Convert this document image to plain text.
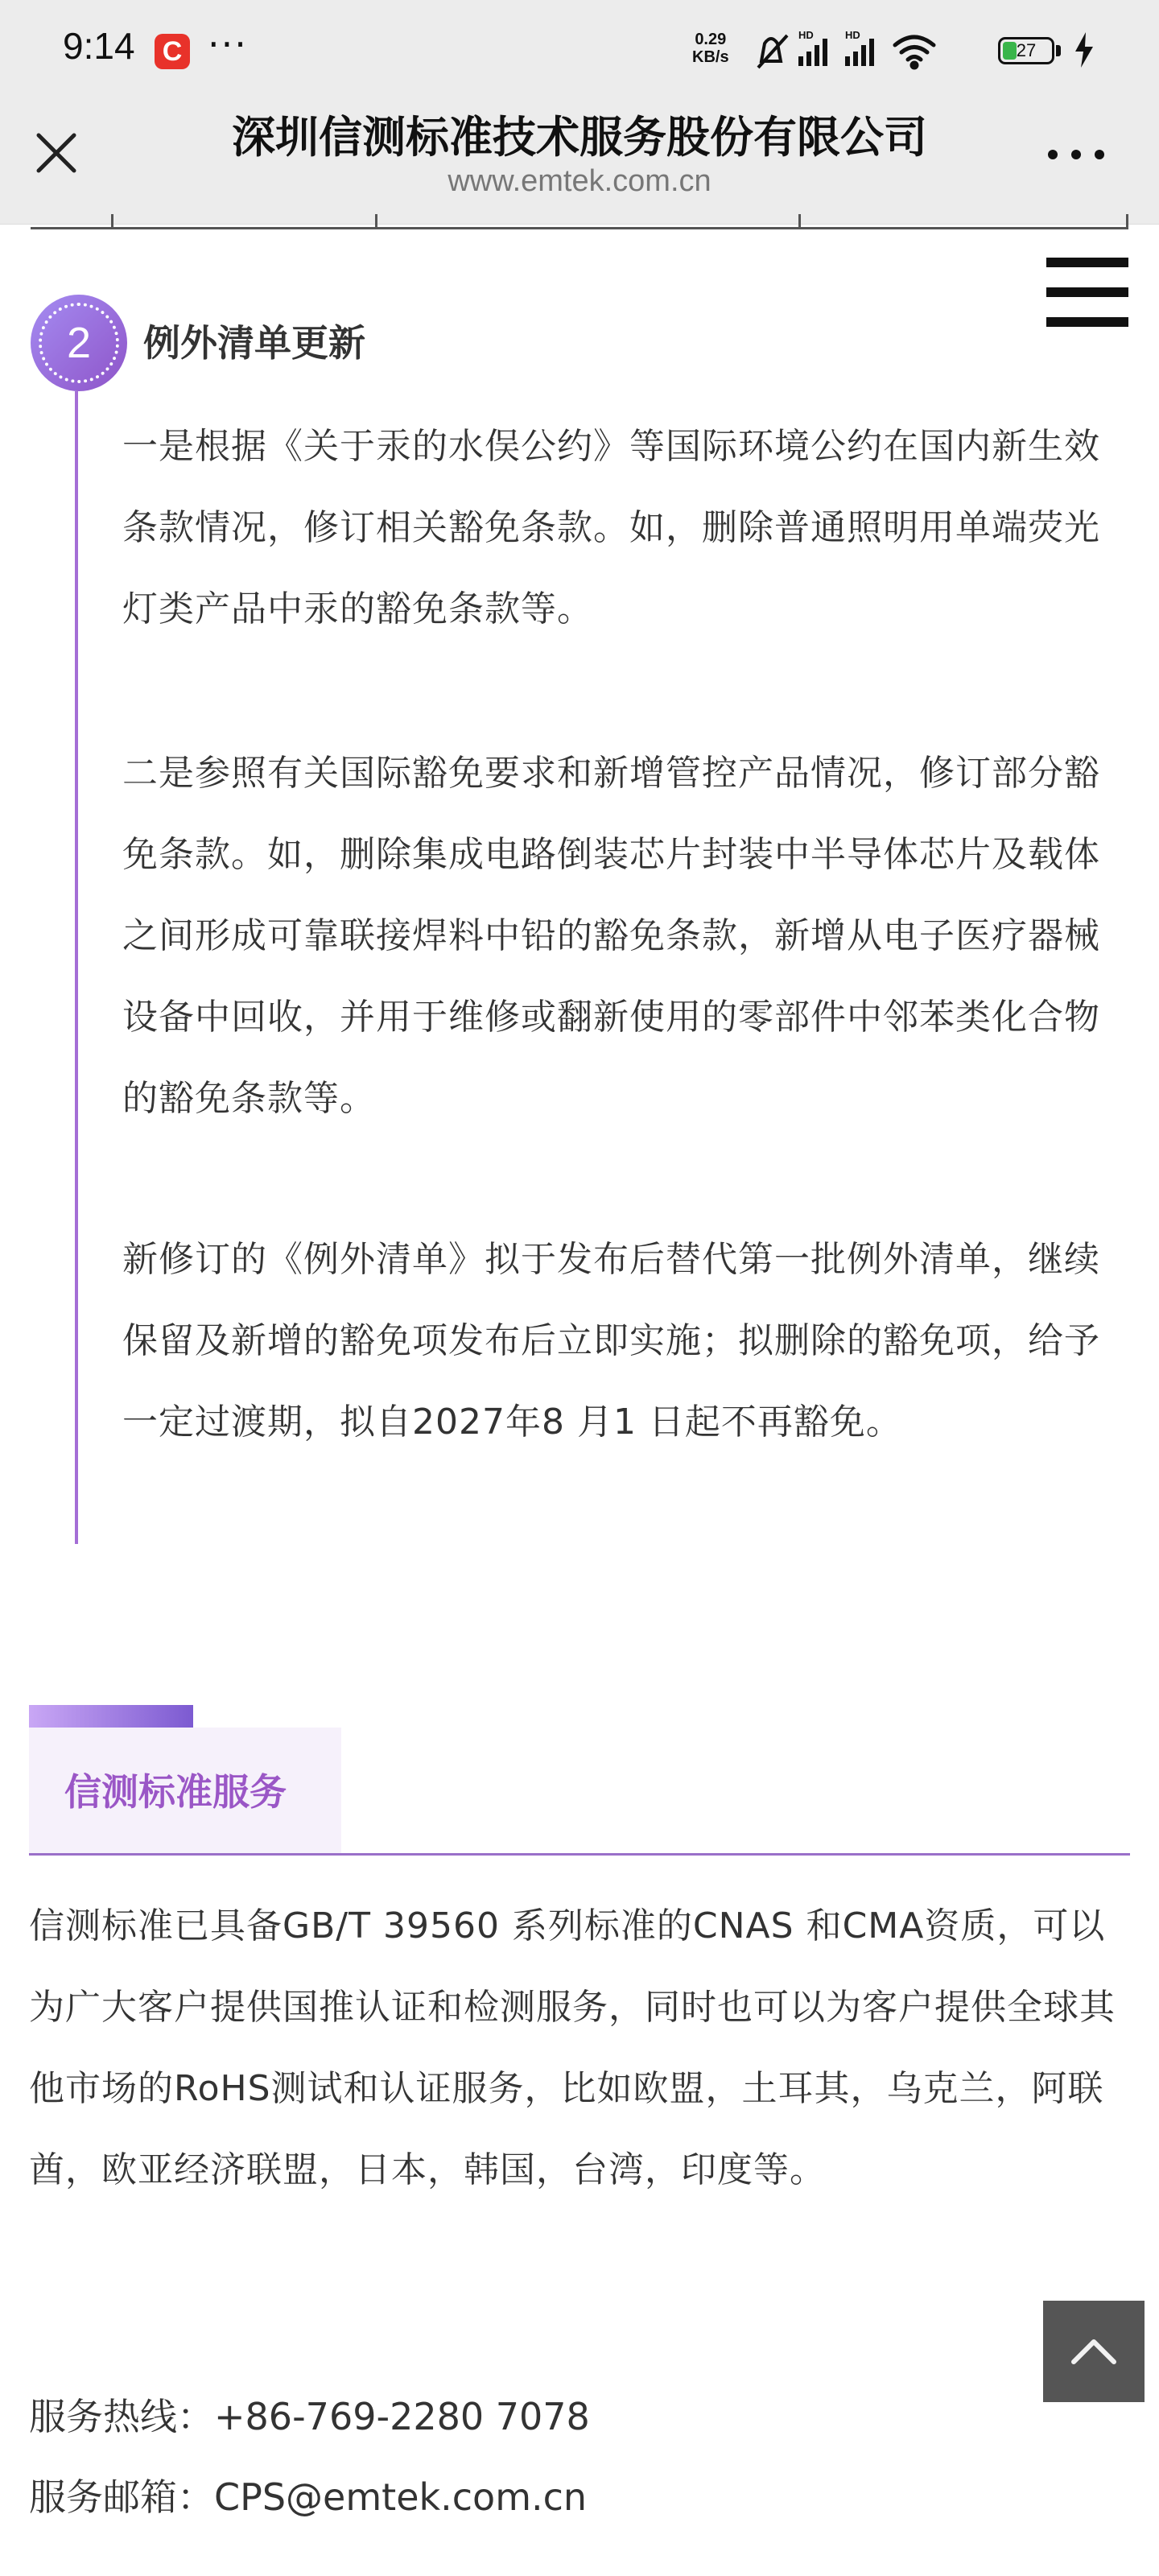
9:14 C ···	0.29
KB/s
HD	HD
27
深圳信测标准技术服务股份有限公司
www.emtek.com.cn
2	例外清单更新
一是根据《关于汞的水俣公约》等国际环境公约在国内新生效条款情况，修订相关豁免条款。如，删除普通照明用单端荧光灯类产品中汞的豁免条款等。
二是参照有关国际豁免要求和新增管控产品情况，修订部分豁免条款。如，删除集成电路倒装芯片封装中半导体芯片及载体之间形成可靠联接焊料中铅的豁免条款，新增从电子医疗器械设备中回收，并用于维修或翻新使用的零部件中邻苯类化合物的豁免条款等。
新修订的《例外清单》拟于发布后替代第一批例外清单，继续保留及新增的豁免项发布后立即实施；拟删除的豁免项，给予一定过渡期，拟自2027年8 月1 日起不再豁免。
信测标准服务
信测标准已具备GB/T 39560 系列标准的CNAS 和CMA资质，可以为广大客户提供国推认证和检测服务，同时也可以为客户提供全球其他市场的RoHS测试和认证服务，比如欧盟，土耳其，乌克兰，阿联酋，欧亚经济联盟，日本，韩国，台湾，印度等。
服务热线：+86-769-2280 7078
服务邮箱：CPS@emtek.com.cn
